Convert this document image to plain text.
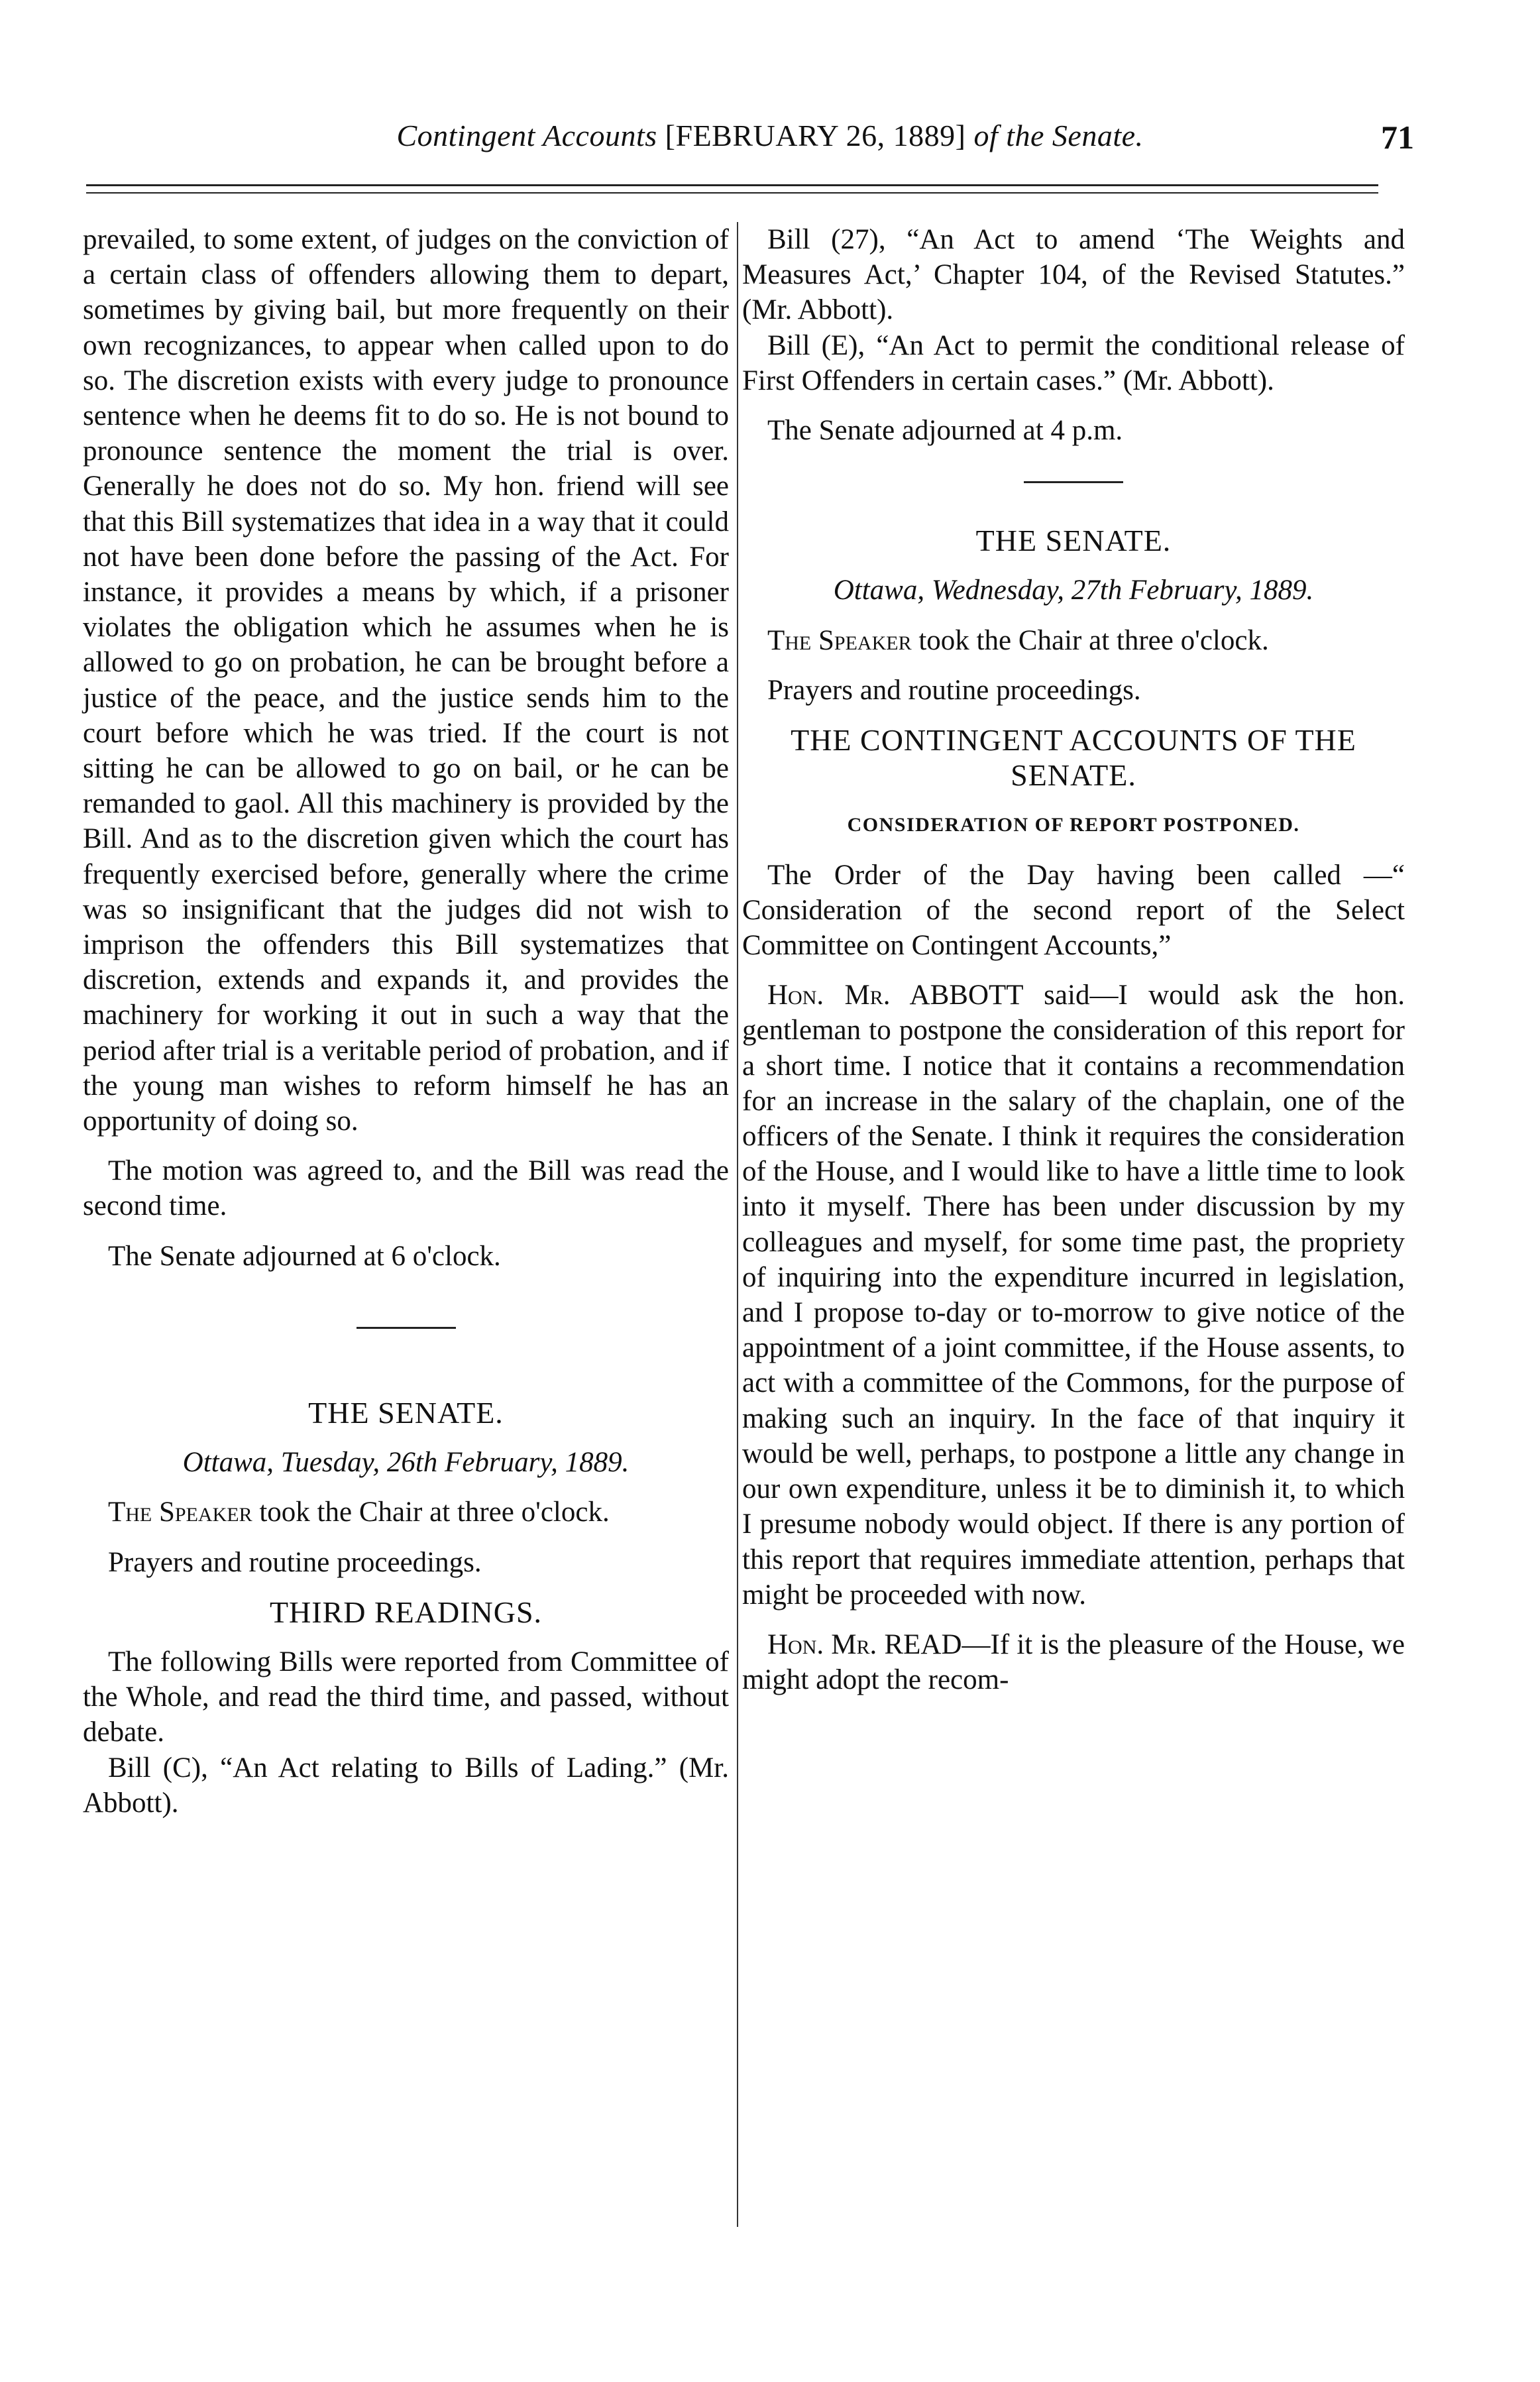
Contingent Accounts [FEBRUARY 26, 1889] of the Senate.	71

prevailed, to some extent, of judges on the conviction of a certain class of offenders allowing them to depart, sometimes by giving bail, but more frequently on their own recognizances, to appear when called upon to do so. The discretion exists with every judge to pronounce sentence when he deems fit to do so. He is not bound to pronounce sentence the moment the trial is over. Generally he does not do so. My hon. friend will see that this Bill systematizes that idea in a way that it could not have been done before the passing of the Act. For instance, it provides a means by which, if a prisoner violates the obligation which he assumes when he is allowed to go on probation, he can be brought before a justice of the peace, and the justice sends him to the court before which he was tried. If the court is not sitting he can be allowed to go on bail, or he can be remanded to gaol. All this machinery is provided by the Bill. And as to the discretion given which the court has frequently exercised before, generally where the crime was so insignificant that the judges did not wish to imprison the offenders this Bill systematizes that discretion, extends and expands it, and provides the machinery for working it out in such a way that the period after trial is a veritable period of probation, and if the young man wishes to reform himself he has an opportunity of doing so.

The motion was agreed to, and the Bill was read the second time.

The Senate adjourned at 6 o'clock.

THE SENATE.

Ottawa, Tuesday, 26th February, 1889.

The Speaker took the Chair at three o'clock.

Prayers and routine proceedings.

THIRD READINGS.

The following Bills were reported from Committee of the Whole, and read the third time, and passed, without debate.

Bill (C), “An Act relating to Bills of Lading.” (Mr. Abbott).

Bill (27), “An Act to amend ‘The Weights and Measures Act,’ Chapter 104, of the Revised Statutes.” (Mr. Abbott).

Bill (E), “An Act to permit the conditional release of First Offenders in certain cases.” (Mr. Abbott).

The Senate adjourned at 4 p.m.

THE SENATE.

Ottawa, Wednesday, 27th February, 1889.

The Speaker took the Chair at three o'clock.

Prayers and routine proceedings.

THE CONTINGENT ACCOUNTS OF THE SENATE.

CONSIDERATION OF REPORT POSTPONED.

The Order of the Day having been called —“ Consideration of the second report of the Select Committee on Contingent Accounts,”

Hon. Mr. ABBOTT said—I would ask the hon. gentleman to postpone the consideration of this report for a short time. I notice that it contains a recommendation for an increase in the salary of the chaplain, one of the officers of the Senate. I think it requires the consideration of the House, and I would like to have a little time to look into it myself. There has been under discussion by my colleagues and myself, for some time past, the propriety of inquiring into the expenditure incurred in legislation, and I propose to-day or to-morrow to give notice of the appointment of a joint committee, if the House assents, to act with a committee of the Commons, for the purpose of making such an inquiry. In the face of that inquiry it would be well, perhaps, to postpone a little any change in our own expenditure, unless it be to diminish it, to which I presume nobody would object. If there is any portion of this report that requires immediate attention, perhaps that might be proceeded with now.

Hon. Mr. READ—If it is the pleasure of the House, we might adopt the recom-
